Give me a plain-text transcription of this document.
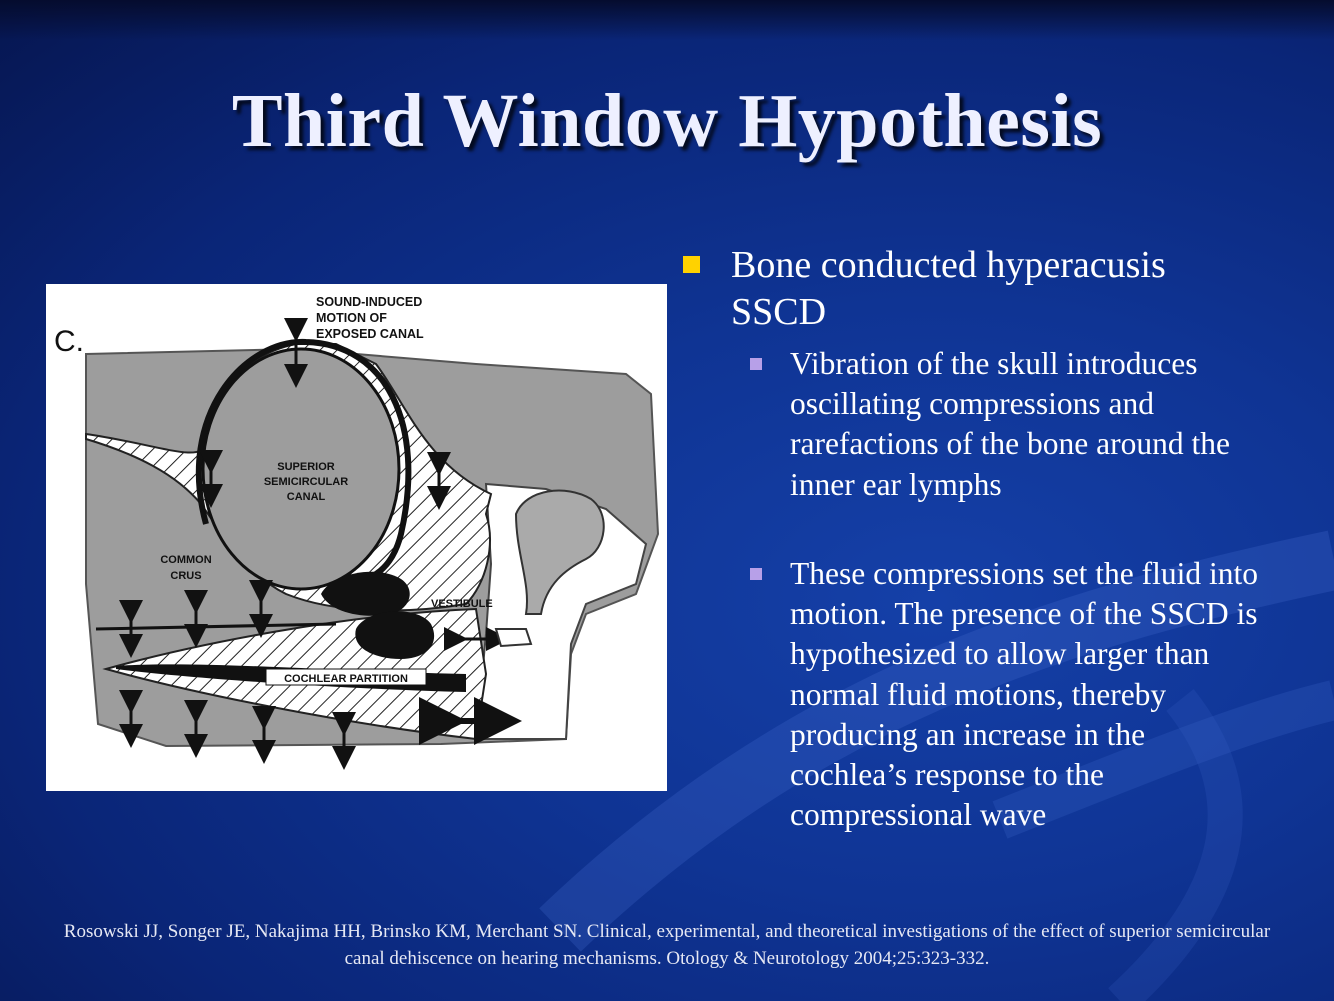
Third Window Hypothesis
C.
SOUND-INDUCED
MOTION OF
EXPOSED CANAL
SUPERIOR
SEMICIRCULAR
CANAL
COMMON
CRUS
VESTIBULE
COCHLEAR PARTITION
Bone conducted hyperacusis SSCD
Vibration of the skull introduces oscillating compressions and rarefactions of the bone around the inner ear lymphs
These compressions set the fluid into motion. The presence of the SSCD is hypothesized to allow larger than normal fluid motions, thereby producing an increase in the cochlea’s response to the compressional wave
Rosowski JJ, Songer JE, Nakajima HH, Brinsko KM, Merchant SN. Clinical, experimental, and theoretical investigations of the effect of superior semicircular canal dehiscence on hearing mechanisms. Otology & Neurotology 2004;25:323-332.
